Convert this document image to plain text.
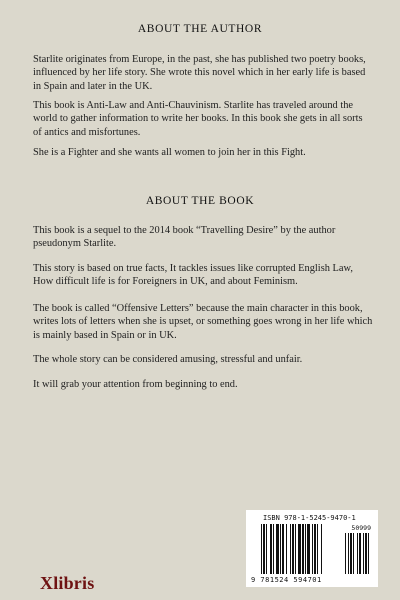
ABOUT THE AUTHOR

Starlite originates from Europe, in the past, she has published two poetry books, influenced by her life story. She wrote this novel which in her early life is based in Spain and later in the UK.

This book is Anti-Law and Anti-Chauvinism. Starlite has traveled around the world to gather information to write her books. In this book she gets in all sorts of antics and misfortunes.

She is a Fighter and she wants all women to join her in this Fight.

ABOUT THE BOOK

This book is a sequel to the 2014 book “Travelling Desire” by the author pseudonym Starlite.

This story is based on true facts, It tackles issues like corrupted English Law, How difficult life is for Foreigners in UK, and about Feminism.

The book is called “Offensive Letters” because the main character in this book, writes lots of letters when she is upset, or something goes wrong in her life which is mainly based in Spain or in UK.

The whole story can be considered amusing, stressful and unfair.

It will grab your attention from beginning to end.

Xlibris
ISBN 978-1-5245-9470-1
50999
9 781524 594701
